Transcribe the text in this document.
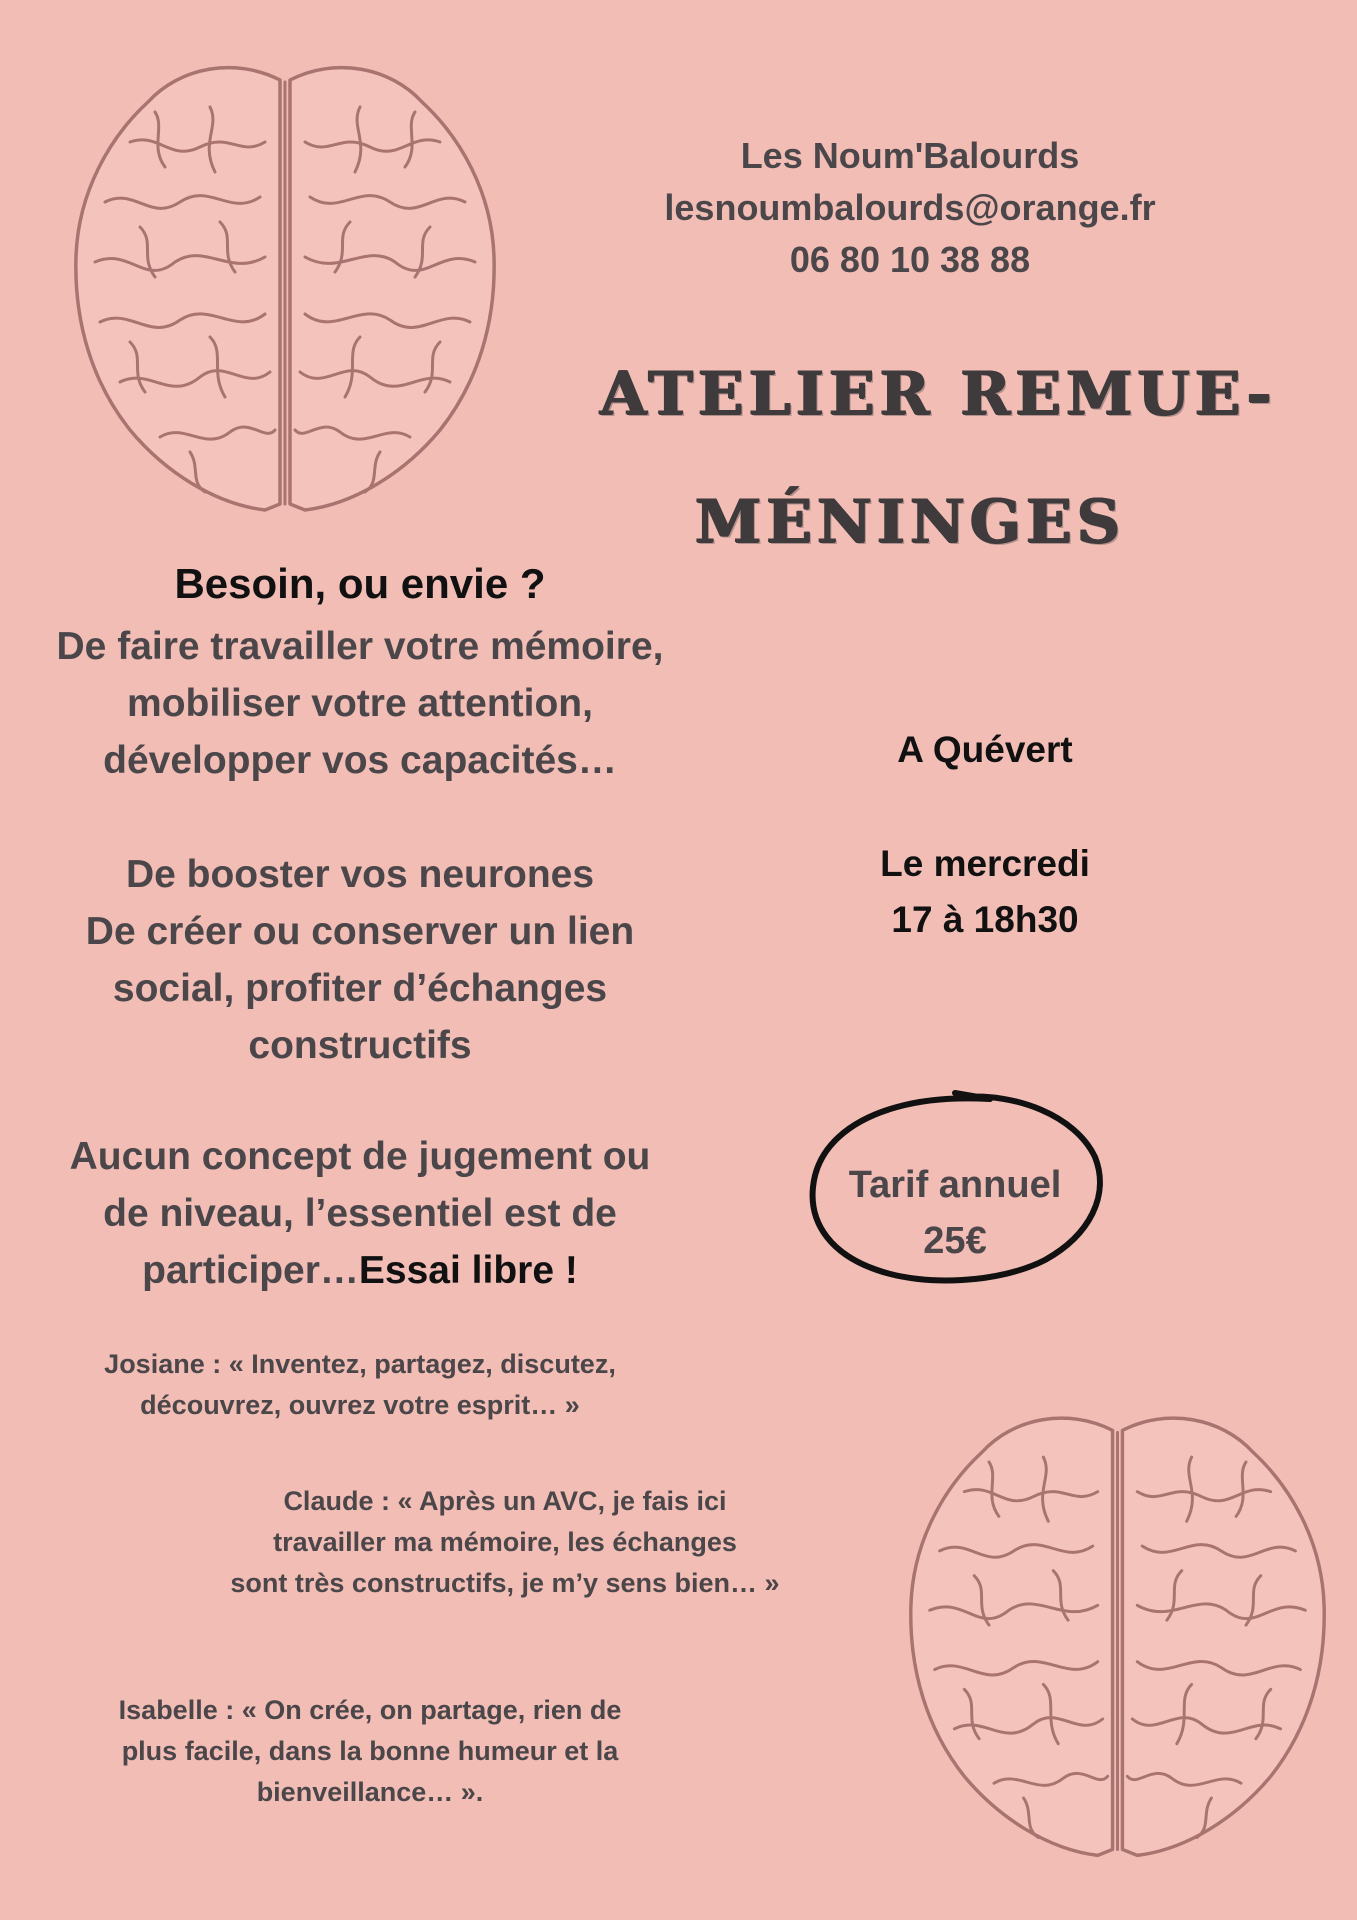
Les Noum'Balourds
lesnoumbalourds@orange.fr
06 80 10 38 88
ATELIER REMUE-
MÉNINGES
Besoin, ou envie ?
De faire travailler votre mémoire,
mobiliser votre attention,
développer vos capacités…
De booster vos neurones
De créer ou conserver un lien
social, profiter d’échanges
constructifs
Aucun concept de jugement ou
de niveau, l’essentiel est de
participer…Essai libre !
A Quévert
Le mercredi
17 à 18h30
Tarif annuel
25€
Josiane : « Inventez, partagez, discutez,
découvrez, ouvrez votre esprit… »
Claude : « Après un AVC, je fais ici
travailler ma mémoire, les échanges
sont très constructifs, je m’y sens bien… »
Isabelle : « On crée, on partage, rien de
plus facile, dans la bonne humeur et la
bienveillance… ».
